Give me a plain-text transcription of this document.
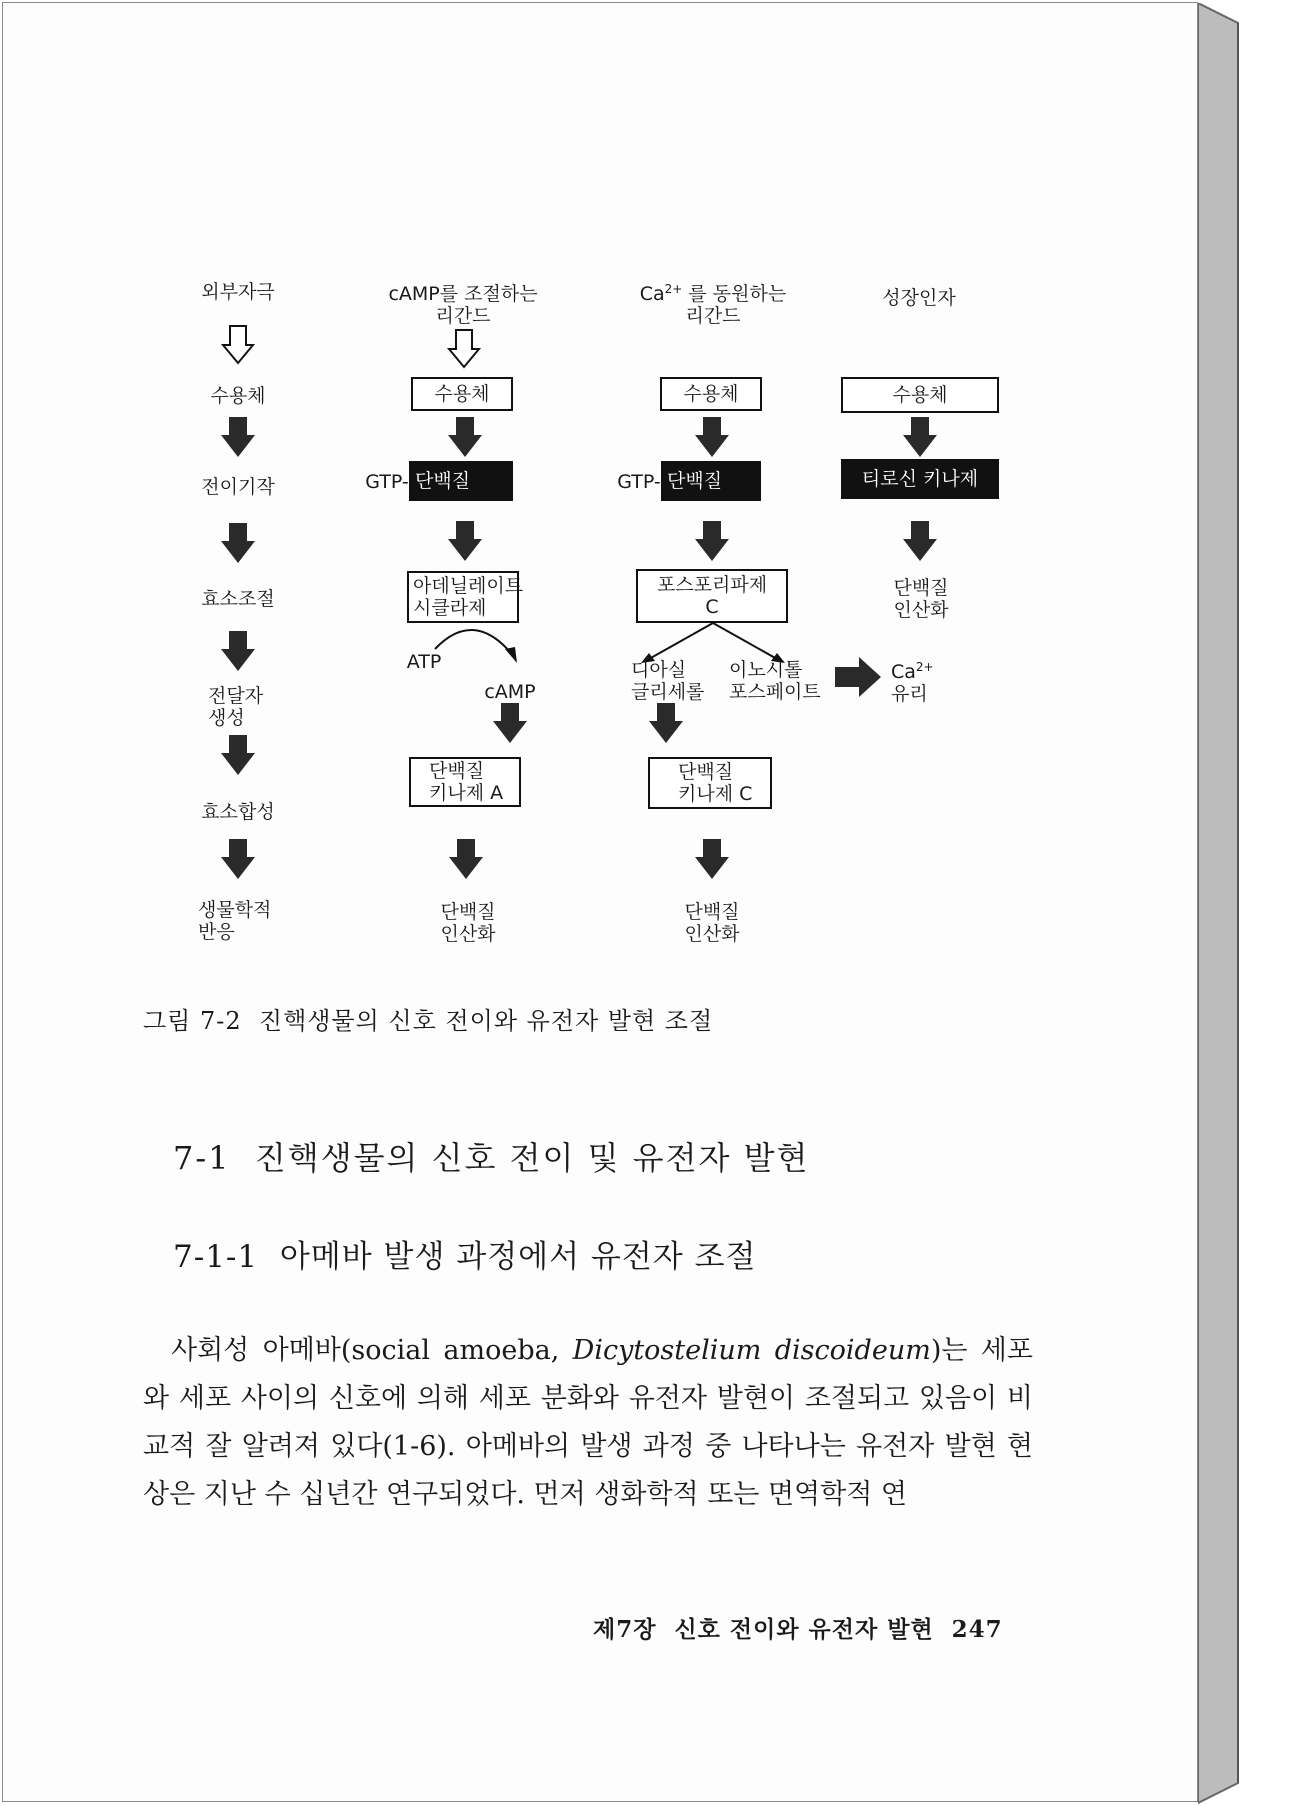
외부자극
수용체
전이기작
효소조절
전달자
생성
효소합성
생물학적
반응
cAMP를 조절하는
리간드
수용체
GTP- 단백질
아데닐레이트
시클라제
ATP
cAMP
단백질
키나제 A
단백질
인산화
$Ca^{2+}$ 를 동원하는
리간드
수용체
GTP- 단백질
포스포리파제
C
디아실
글리세롤
이노시톨
포스페이트
$Ca^{2+}$
유리
단백질
키나제 C
단백질
인산화
성장인자
수용체
티로신 키나제
단백질
인산화
그림 7-2  진핵생물의 신호 전이와 유전자 발현 조절
7-1  진핵생물의 신호 전이 및 유전자 발현
7-1-1  아메바 발생 과정에서 유전자 조절

사회성 아메바(social amoeba, Dicytostelium discoideum)는 세포와 세포 사이의 신호에 의해 세포 분화와 유전자 발현이 조절되고 있음이 비교적 잘 알려져 있다(1-6). 아메바의 발생 과정 중 나타나는 유전자 발현 현상은 지난 수 십년간 연구되었다. 먼저 생화학적 또는 면역학적 연

제7장  신호 전이와 유전자 발현  247
